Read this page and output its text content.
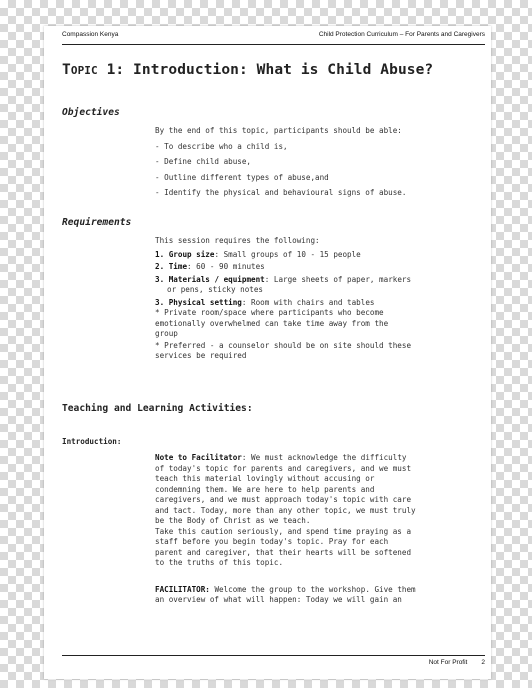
Compassion Kenya	Child Protection Curriculum – For Parents and Caregivers
TOPIC 1: Introduction: What is Child Abuse?
Objectives

By the end of this topic, participants should be able:

- To describe who a child is,

- Define child abuse,

- Outline different types of abuse,and

- Identify the physical and behavioural signs of abuse.

Requirements

This session requires the following:

1. Group size: Small groups of 10 - 15 people

2. Time: 60 - 90 minutes

3. Materials / equipment: Large sheets of paper, markers

or pens, sticky notes

3. Physical setting: Room with chairs and tables

* Private room/space where participants who become
emotionally overwhelmed can take time away from the
group

* Preferred - a counselor should be on site should these
services be required

Teaching and Learning Activities:
Introduction:

Note to Facilitator: We must acknowledge the difficulty
of today's topic for parents and caregivers, and we must
teach this material lovingly without accusing or
condemning them. We are here to help parents and
caregivers, and we must approach today's topic with care
and tact. Today, more than any other topic, we must truly
be the Body of Christ as we teach.

Take this caution seriously, and spend time praying as a
staff before you begin today's topic. Pray for each
parent and caregiver, that their hearts will be softened
to the truths of this topic.

FACILITATOR: Welcome the group to the workshop. Give them
an overview of what will happen: Today we will gain an

Not For Profit 2
